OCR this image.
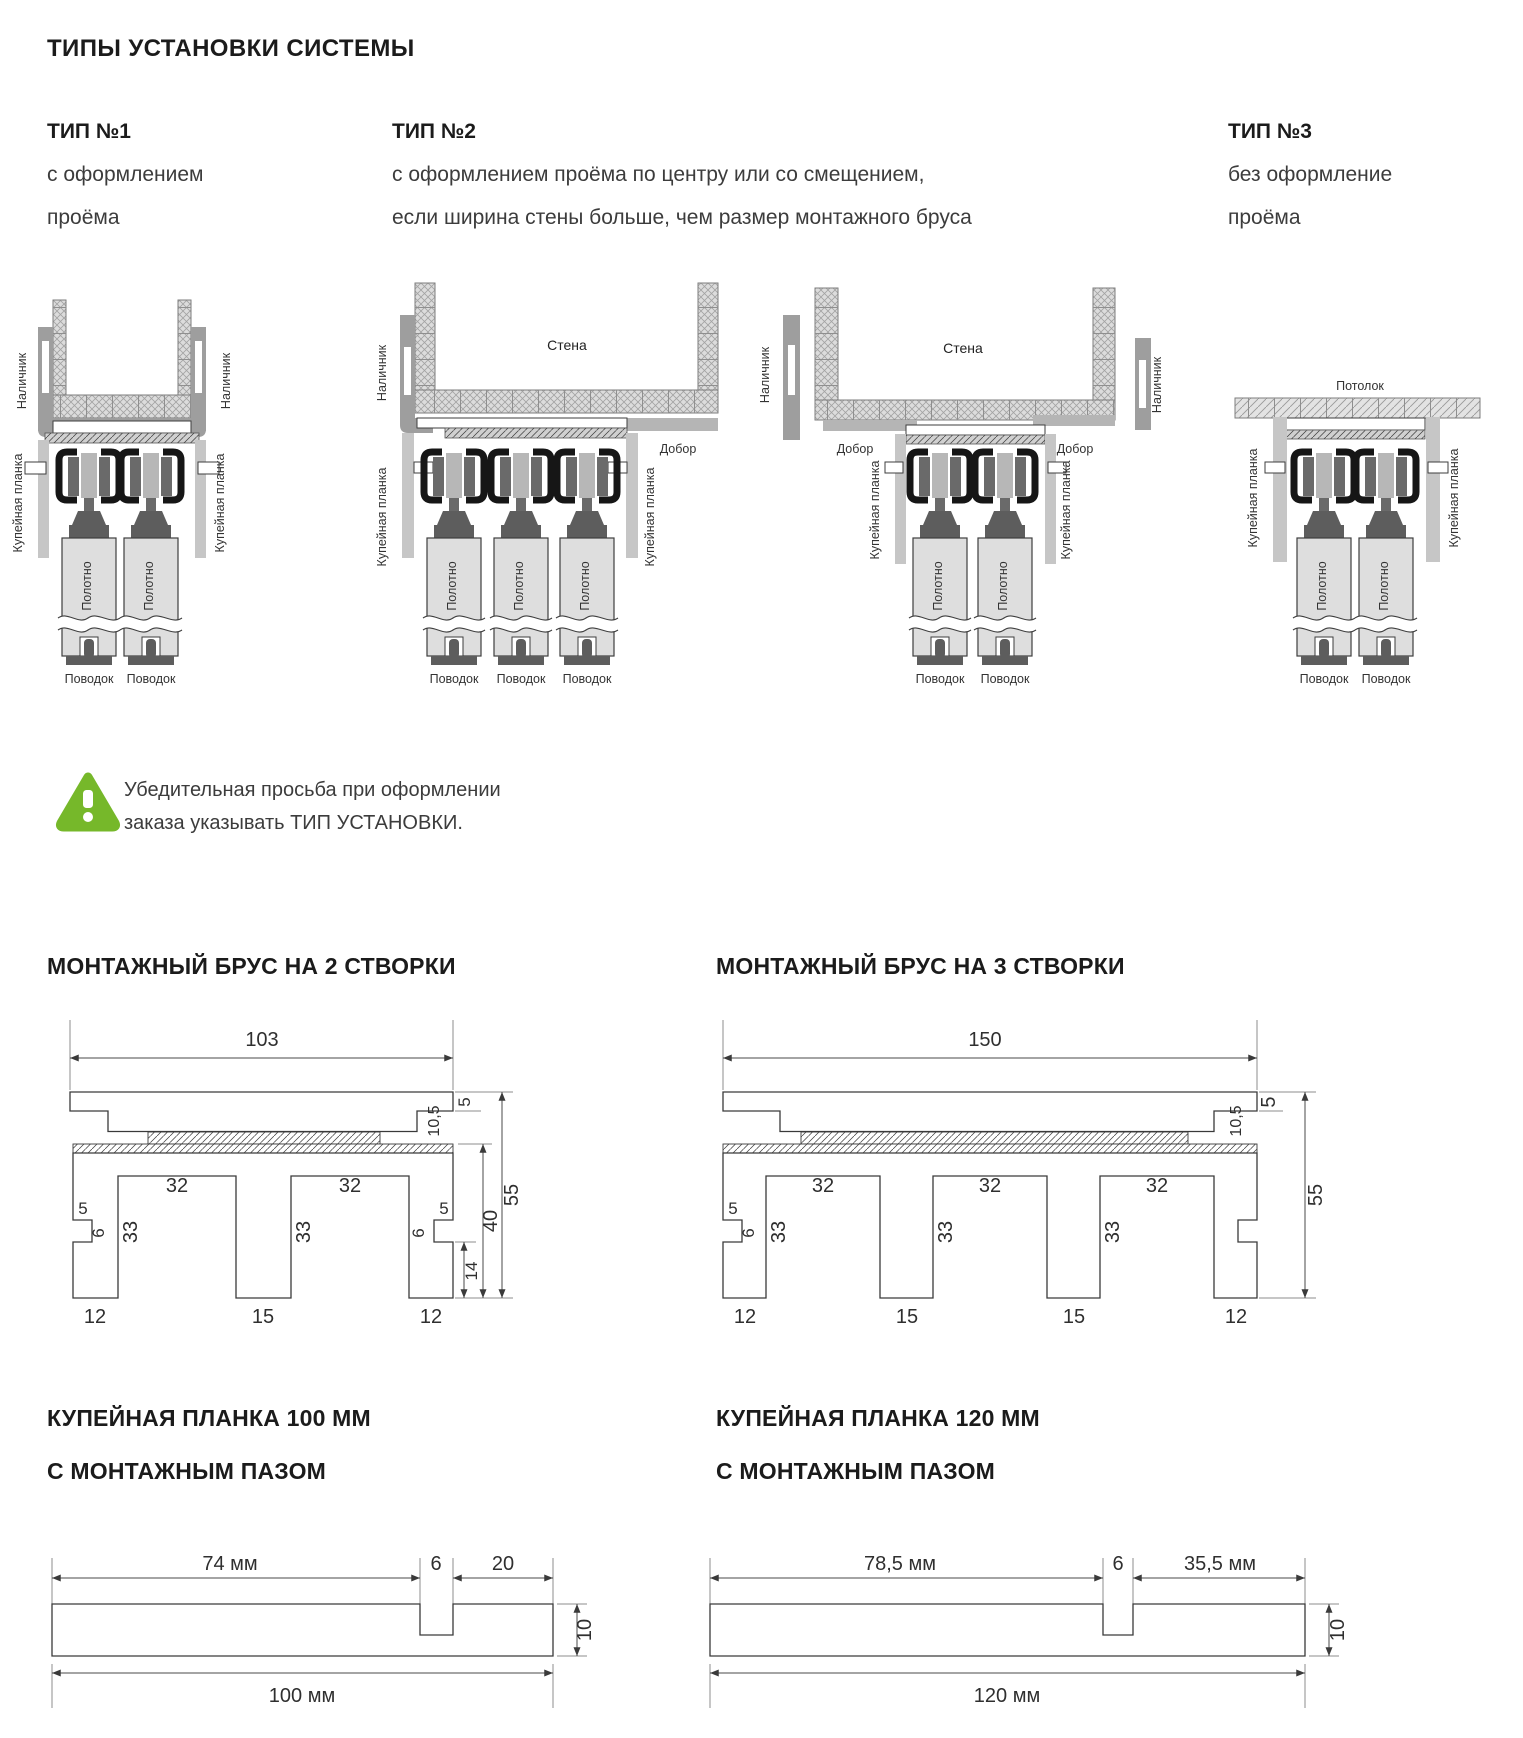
Полотно
Поводок
ТИПЫ УСТАНОВКИ СИСТЕМЫ
ТИП №1
с оформлением
проёма
ТИП №2
с оформлением проёма по центру или со смещением,
если ширина стены больше, чем размер монтажного бруса
ТИП №3
без оформление
проёма
Наличник	Наличник
Купейная планка	Купейная планка
Стена
Наличник
Добор
Купейная планка	Купейная планка
Стена
Наличник	Наличник
Добор	Добор
Купейная планка	Купейная планка
Потолок
Купейная планка	Купейная планка
Убедительная просьба при оформлении
заказа указывать ТИП УСТАНОВКИ.
МОНТАЖНЫЙ БРУС НА 2 СТВОРКИ	МОНТАЖНЫЙ БРУС НА 3 СТВОРКИ
103
32	32
33	33
5
6
5
6
12	15	12
5
10,5
14
40
55
150
32	32	32
33	33	33
5
6
12	15	15	12
5
10,5
55
КУПЕЙНАЯ ПЛАНКА 100 ММ
С МОНТАЖНЫМ ПАЗОМ
КУПЕЙНАЯ ПЛАНКА 120 ММ
С МОНТАЖНЫМ ПАЗОМ
74 мм	6	20
10
100 мм
78,5 мм	6	35,5 мм
10
120 мм
